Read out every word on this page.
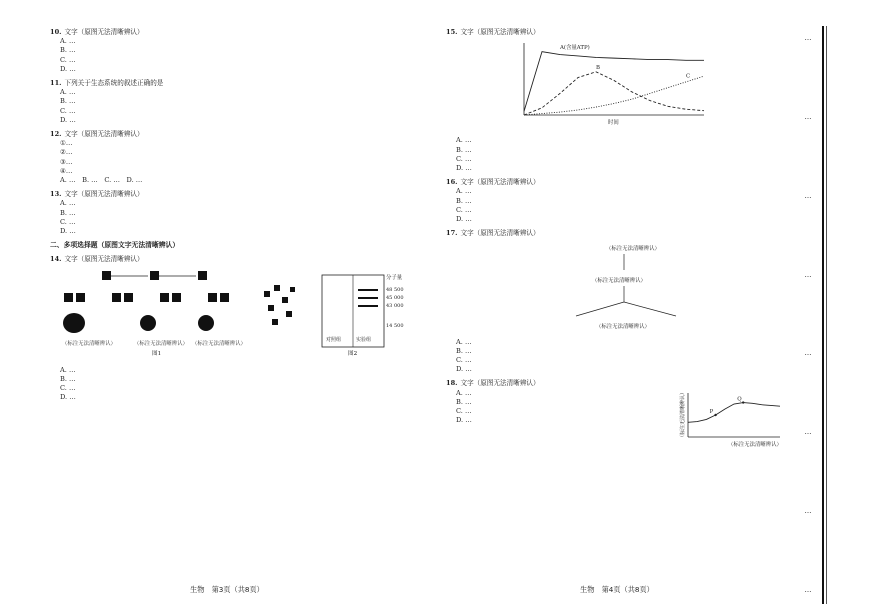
10. 文字（原图无法清晰辨认）
A. …
B. …
C. …
D. …
11. 下列关于生态系统的叙述正确的是
A. …
B. …
C. …
D. …
12. 文字（原图无法清晰辨认）
①…
②…
③…
④…
A. …　B. …　C. …　D. …
13. 文字（原图无法清晰辨认）
A. …
B. …
C. …
D. …
二、多项选择题（原图文字无法清晰辨认）
14. 文字（原图无法清晰辨认）
（标注无法清晰辨认）	（标注无法清晰辨认） （标注无法清晰辨认）
图1
分子量
48 500
45 000
43 000
14 500
对照组	实验组
图2
A. …
B. …
C. …
D. …
15. 文字（原图无法清晰辨认）
A(含量ATP)
B
C
时间
A. …
B. …
C. …
D. …
16. 文字（原图无法清晰辨认）
A. …
B. …
C. …
D. …
17. 文字（原图无法清晰辨认）
（标注无法清晰辨认）
（标注无法清晰辨认）
（标注无法清晰辨认）
A. …
B. …
C. …
D. …
18. 文字（原图无法清晰辨认）
A. …
B. …
C. …
D. …
P
Q
（标注无法清晰辨认）
（标注无法清晰辨认）
生物　第3页（共8页）	生物　第4页（共8页）
…
…
…
…
…
…
…
…
